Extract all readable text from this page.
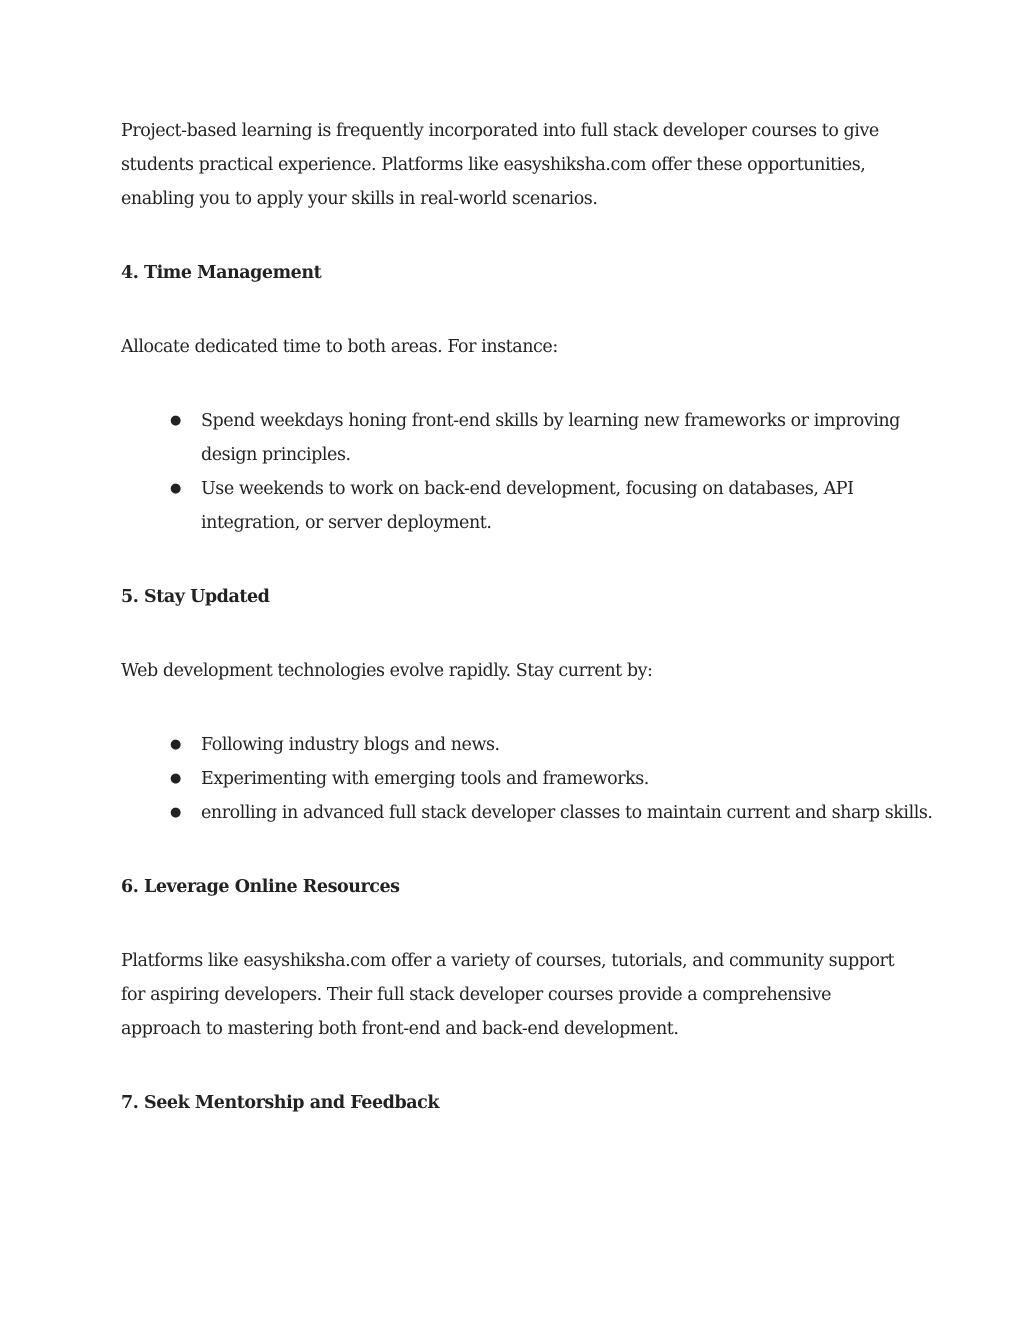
Project-based learning is frequently incorporated into full stack developer courses to give students practical experience. Platforms like easyshiksha.com offer these opportunities, enabling you to apply your skills in real-world scenarios.

4. Time Management

Allocate dedicated time to both areas. For instance:

● Spend weekdays honing front-end skills by learning new frameworks or improving design principles.
● Use weekends to work on back-end development, focusing on databases, API integration, or server deployment.
5. Stay Updated

Web development technologies evolve rapidly. Stay current by:

● Following industry blogs and news.
● Experimenting with emerging tools and frameworks.
● enrolling in advanced full stack developer classes to maintain current and sharp skills.
6. Leverage Online Resources

Platforms like easyshiksha.com offer a variety of courses, tutorials, and community support for aspiring developers. Their full stack developer courses provide a comprehensive approach to mastering both front-end and back-end development.

7. Seek Mentorship and Feedback
